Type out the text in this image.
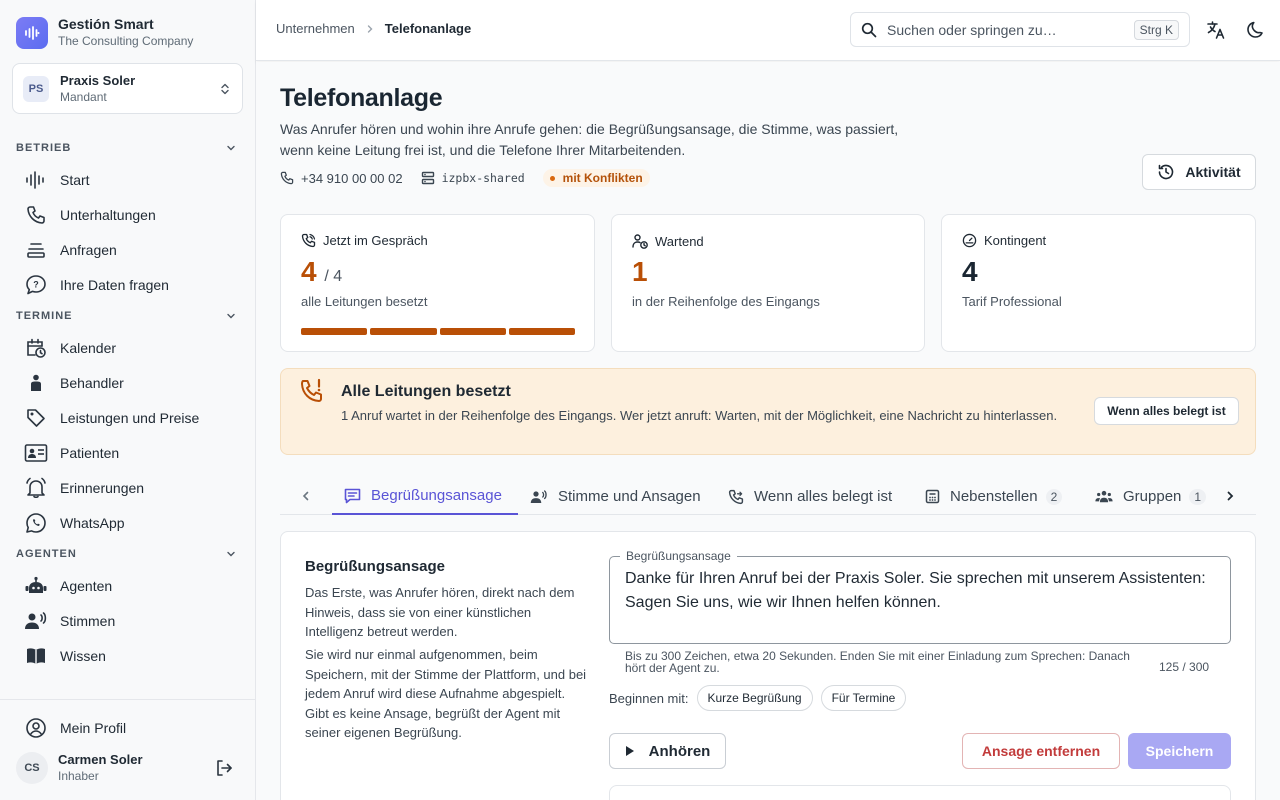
Gestión Smart
The Consulting Company
PS
Praxis Soler
Mandant
BETRIEB
Start
Unterhaltungen
Anfragen
? Ihre Daten fragen
TERMINE
Kalender
Behandler
Leistungen und Preise
Patienten
Erinnerungen
WhatsApp
AGENTEN
Agenten
Stimmen
Wissen
Mein Profil
CS
Carmen Soler
Inhaber
Unternehmen Telefonanlage	Suchen oder springen zu…	Strg K
Telefonanlage

Was Anrufer hören und wohin ihre Anrufe gehen: die Begrüßungsansage, die Stimme, was passiert, wenn keine Leitung frei ist, und die Telefone Ihrer Mitarbeitenden.

+34 910 00 00 02	izpbx-shared	mit Konflikten	Aktivität
Jetzt im Gespräch
4 / 4
alle Leitungen besetzt
Wartend
1
in der Reihenfolge des Eingangs
Kontingent
4
Tarif Professional
Alle Leitungen besetzt
1 Anruf wartet in der Reihenfolge des Eingangs. Wer jetzt anruft: Warten, mit der Möglichkeit, eine Nachricht zu hinterlassen.	Wenn alles belegt ist
Begrüßungsansage	Stimme und Ansagen	Wenn alles belegt ist	Nebenstellen	2	Gruppen	1
Begrüßungsansage

Das Erste, was Anrufer hören, direkt nach dem Hinweis, dass sie von einer künstlichen Intelligenz betreut werden.

Sie wird nur einmal aufgenommen, beim Speichern, mit der Stimme der Plattform, und bei jedem Anruf wird diese Aufnahme abgespielt. Gibt es keine Ansage, begrüßt der Agent mit seiner eigenen Begrüßung.

Begrüßungsansage
Danke für Ihren Anruf bei der Praxis Soler. Sie sprechen mit unserem Assistenten: Sagen Sie uns, wie wir Ihnen helfen können.
Bis zu 300 Zeichen, etwa 20 Sekunden. Enden Sie mit einer Einladung zum Sprechen: Danach hört der Agent zu.	125 / 300
Beginnen mit:	Kurze Begrüßung	Für Termine
Anhören	Ansage entfernen	Speichern
